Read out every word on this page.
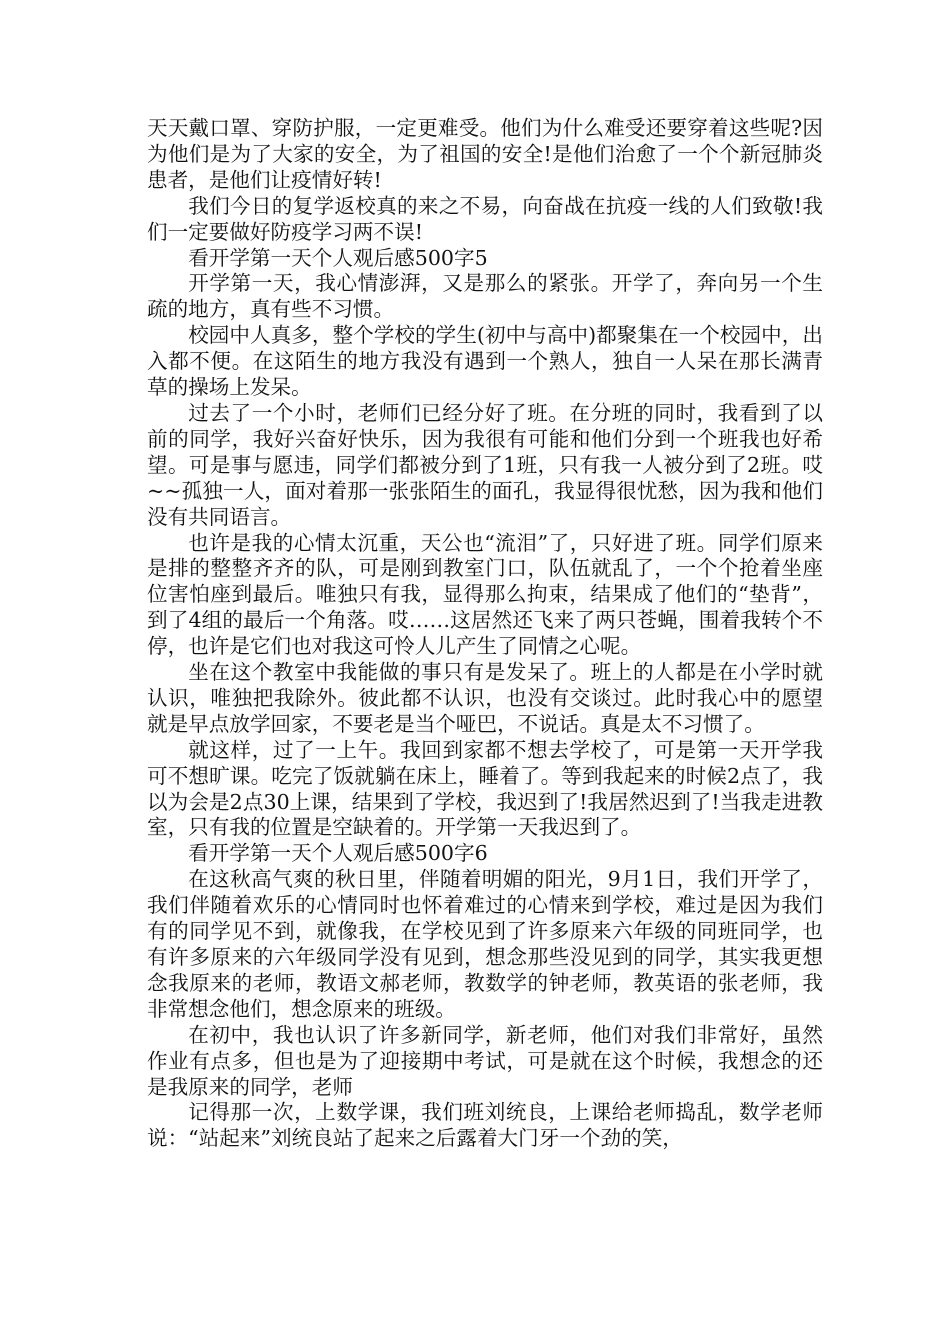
天天戴口罩、穿防护服，一定更难受。他们为什么难受还要穿着这些呢?因为他们是为了大家的安全，为了祖国的安全!是他们治愈了一个个新冠肺炎患者，是他们让疫情好转!

我们今日的复学返校真的来之不易，向奋战在抗疫一线的人们致敬!我们一定要做好防疫学习两不误!

看开学第一天个人观后感500字5

开学第一天，我心情澎湃，又是那么的紧张。开学了，奔向另一个生疏的地方，真有些不习惯。

校园中人真多，整个学校的学生(初中与高中)都聚集在一个校园中，出入都不便。在这陌生的地方我没有遇到一个熟人，独自一人呆在那长满青草的操场上发呆。

过去了一个小时，老师们已经分好了班。在分班的同时，我看到了以前的同学，我好兴奋好快乐，因为我很有可能和他们分到一个班我也好希望。可是事与愿违，同学们都被分到了1班，只有我一人被分到了2班。哎~~孤独一人，面对着那一张张陌生的面孔，我显得很忧愁，因为我和他们没有共同语言。

也许是我的心情太沉重，天公也“流泪”了，只好进了班。同学们原来是排的整整齐齐的队，可是刚到教室门口，队伍就乱了，一个个抢着坐座位害怕座到最后。唯独只有我，显得那么拘束，结果成了他们的“垫背”，到了4组的最后一个角落。哎……这居然还飞来了两只苍蝇，围着我转个不停，也许是它们也对我这可怜人儿产生了同情之心呢。

坐在这个教室中我能做的事只有是发呆了。班上的人都是在小学时就认识，唯独把我除外。彼此都不认识，也没有交谈过。此时我心中的愿望就是早点放学回家，不要老是当个哑巴，不说话。真是太不习惯了。

就这样，过了一上午。我回到家都不想去学校了，可是第一天开学我可不想旷课。吃完了饭就躺在床上，睡着了。等到我起来的时候2点了，我以为会是2点30上课，结果到了学校，我迟到了!我居然迟到了!当我走进教室，只有我的位置是空缺着的。开学第一天我迟到了。

看开学第一天个人观后感500字6

在这秋高气爽的秋日里，伴随着明媚的阳光，9月1日，我们开学了，我们伴随着欢乐的心情同时也怀着难过的心情来到学校，难过是因为我们有的同学见不到，就像我，在学校见到了许多原来六年级的同班同学，也有许多原来的六年级同学没有见到，想念那些没见到的同学，其实我更想念我原来的老师，教语文郝老师，教数学的钟老师，教英语的张老师，我非常想念他们，想念原来的班级。

在初中，我也认识了许多新同学，新老师，他们对我们非常好，虽然作业有点多，但也是为了迎接期中考试，可是就在这个时候，我想念的还是我原来的同学，老师

记得那一次，上数学课，我们班刘统良，上课给老师捣乱，数学老师说：“站起来”刘统良站了起来之后露着大门牙一个劲的笑，
